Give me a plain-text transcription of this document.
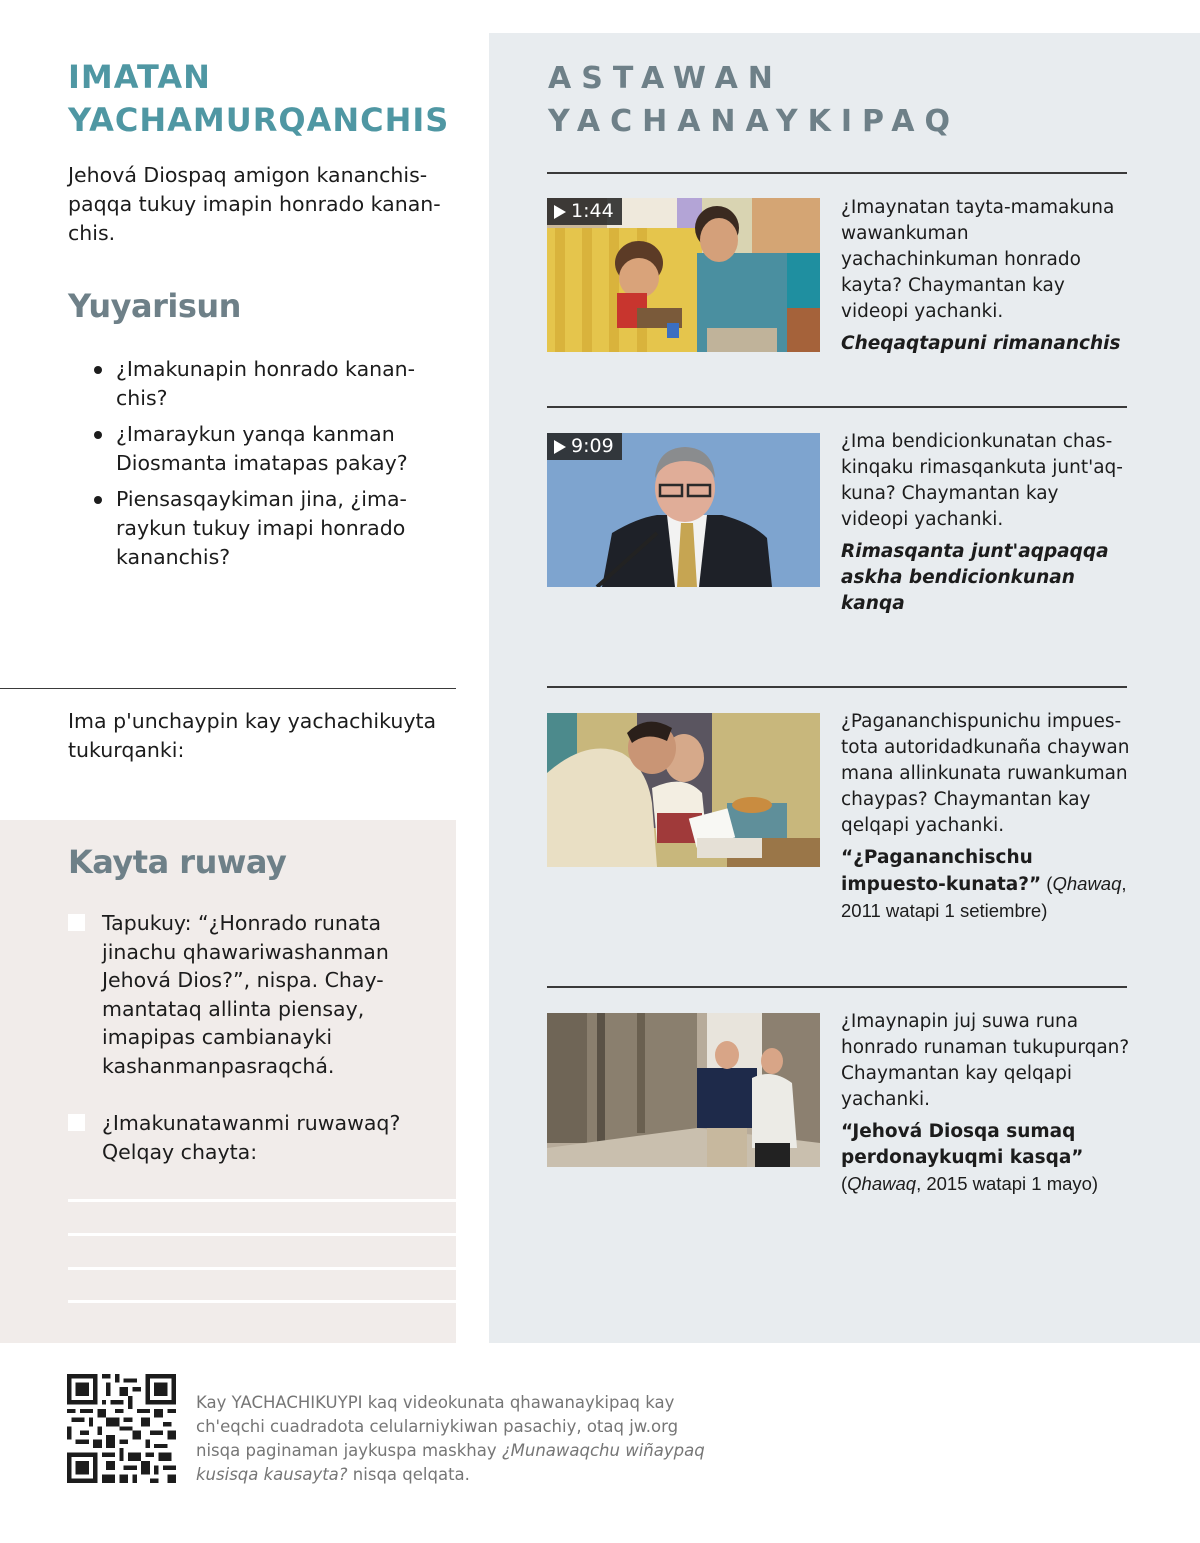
IMATAN
YACHAMURQANCHIS

Jehová Diospaq amigon kananchis-paqqa tukuy imapin honrado kanan-chis.

Yuyarisun
¿Imakunapin honrado kanan-chis?
¿Imaraykun yanqa kanman Diosmanta imatapas pakay?
Piensasqaykiman jina, ¿ima-raykun tukuy imapi honrado kananchis?

Ima p'unchaypin kay yachachikuyta tukurqanki:

Kayta ruway
Tapukuy: “¿Honrado runata jinachu qhawariwashanman Jehová Dios?”, nispa. Chay-mantataq allinta piensay, imapipas cambianayki kashanmanpasraqchá.
¿Imakunatawanmi ruwawaq? Qelqay chayta:
ASTAWAN
YACHANAYKIPAQ
1:44	¿Imaynatan tayta-mamakuna wawankuman yachachinkuman honrado kayta? Chaymantan kay videopi yachanki.
Cheqaqtapuni rimananchis
9:09	¿Ima bendicionkunatan chas-kinqaku rimasqankuta junt'aq-kuna? Chaymantan kay videopi yachanki.
Rimasqanta junt'aqpaqqa askha bendicionkunan kanqa
¿Pagananchispunichu impues-tota autoridadkunaña chaywan mana allinkunata ruwankuman chaypas? Chaymantan kay qelqapi yachanki.
“¿Pagananchischu impuesto-kunata?” (Qhawaq, 2011 watapi 1 setiembre)
¿Imaynapin juj suwa runa honrado runaman tukupurqan? Chaymantan kay qelqapi yachanki.
“Jehová Diosqa sumaq perdonaykuqmi kasqa”
(Qhawaq, 2015 watapi 1 mayo)

Kay YACHACHIKUYPI kaq videokunata qhawanaykipaq kay ch'eqchi cuadradota celularniykiwan pasachiy, otaq jw.org nisqa paginaman jaykuspa maskhay ¿Munawaqchu wiñaypaq kusisqa kausayta? nisqa qelqata.
